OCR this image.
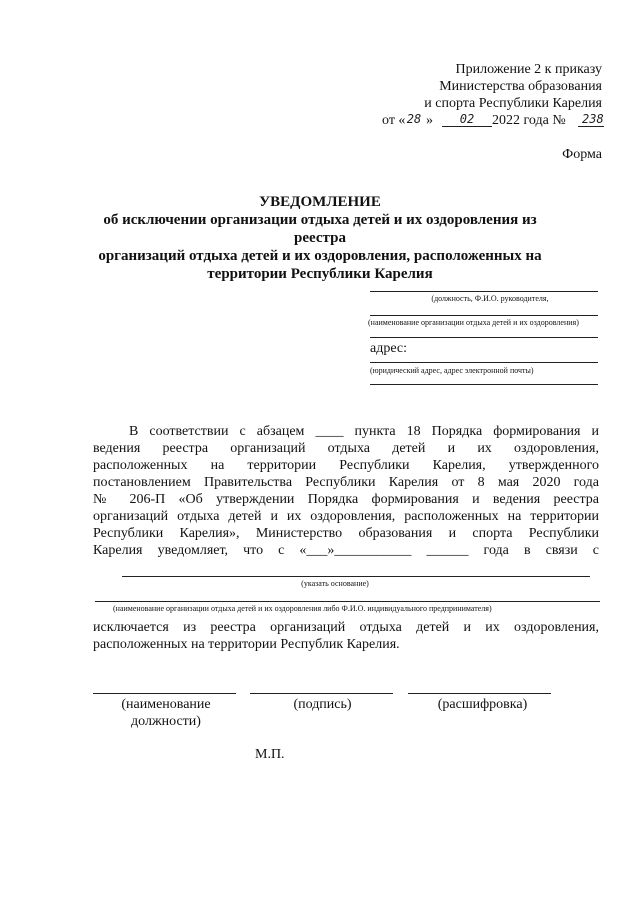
Приложение 2 к приказу
Министерства образования
и спорта Республики Карелия
от « 28 »	02	2022 года № 238
Форма
УВЕДОМЛЕНИЕ
об исключении организации отдыха детей и их оздоровления из реестра
организаций отдыха детей и их оздоровления, расположенных на
территории Республики Карелия
(должность, Ф.И.О. руководителя,
(наименование организации отдыха детей и их оздоровления)
адрес:
(юридический адрес, адрес электронной почты)
В соответствии с абзацем ____ пункта 18 Порядка формирования и
ведения реестра организаций отдыха детей и их оздоровления,
расположенных на территории Республики Карелия, утвержденного
постановлением Правительства Республики Карелия от 8 мая 2020 года
№ 206-П «Об утверждении Порядка формирования и ведения реестра
организаций отдыха детей и их оздоровления, расположенных на территории
Республики Карелия», Министерство образования и спорта Республики
Карелия уведомляет, что с «___»___________ ______ года в связи с
(указать основание)
(наименование организации отдыха детей и их оздоровления либо Ф.И.О. индивидуального предпринимателя)
исключается из реестра организаций отдыха детей и их оздоровления,
расположенных на территории Республик Карелия.
(наименование должности)
(подпись)	(расшифровка)
М.П.
